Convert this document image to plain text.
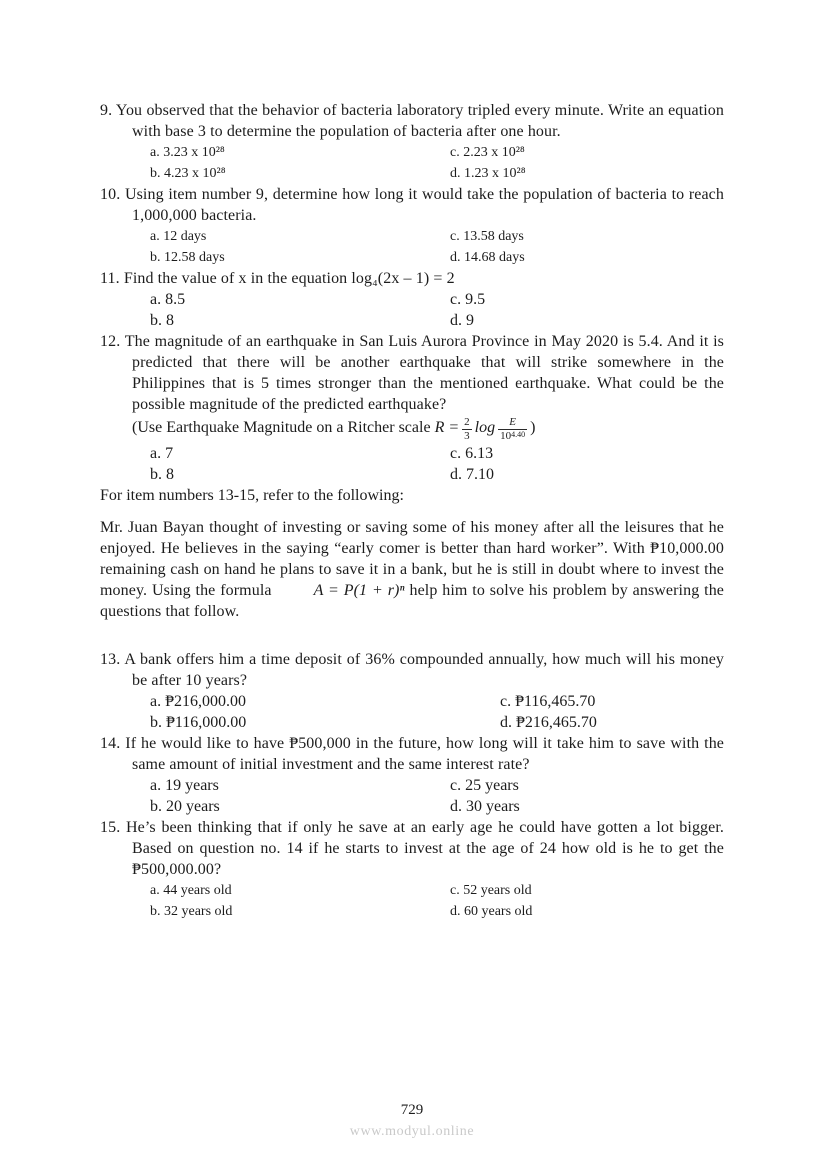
9. You observed that the behavior of bacteria laboratory tripled every minute. Write an equation with base 3 to determine the population of bacteria after one hour.

a. 3.23 x 10²⁸	c. 2.23 x 10²⁸
b. 4.23 x 10²⁸	d. 1.23 x 10²⁸

10. Using item number 9, determine how long it would take the population of bacteria to reach 1,000,000 bacteria.

a. 12 days	c. 13.58 days
b. 12.58 days	d. 14.68 days

11. Find the value of x in the equation log₄(2x – 1) = 2

a. 8.5	c. 9.5
b. 8	d. 9

12. The magnitude of an earthquake in San Luis Aurora Province in May 2020 is 5.4. And it is predicted that there will be another earthquake that will strike somewhere in the Philippines that is 5 times stronger than the mentioned earthquake. What could be the possible magnitude of the predicted earthquake?

(Use Earthquake Magnitude on a Ritcher scale $R = \frac{2}{3}$ $\log \frac{E}{10^{4.40}}$ )
a. 7	c. 6.13
b. 8	d. 7.10

For item numbers 13-15, refer to the following:

Mr. Juan Bayan thought of investing or saving some of his money after all the leisures that he enjoyed. He believes in the saying “early comer is better than hard worker”. With ₱10,000.00 remaining cash on hand he plans to save it in a bank, but he is still in doubt where to invest the money. Using the formula	A = P(1 + r)ⁿ help him to solve his problem by answering the questions that follow.

13. A bank offers him a time deposit of 36% compounded annually, how much will his money be after 10 years?

a. ₱216,000.00	c. ₱116,465.70
b. ₱116,000.00	d. ₱216,465.70

14. If he would like to have ₱500,000 in the future, how long will it take him to save with the same amount of initial investment and the same interest rate?

a. 19 years	c. 25 years
b. 20 years	d. 30 years

15. He’s been thinking that if only he save at an early age he could have gotten a lot bigger. Based on question no. 14 if he starts to invest at the age of 24 how old is he to get the ₱500,000.00?

a. 44 years old	c. 52 years old
b. 32 years old	d. 60 years old
729
www.modyul.online
